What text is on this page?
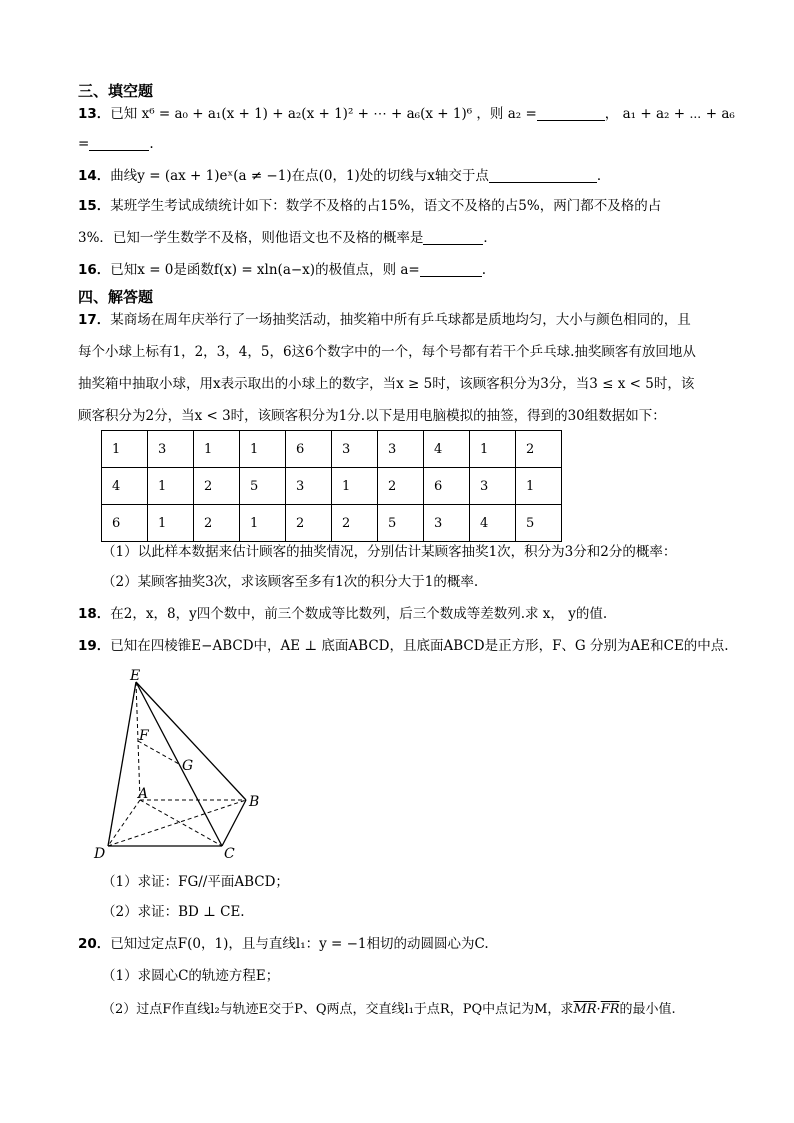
三、填空题
13．已知 x⁶ = a₀ + a₁(x + 1) + a₂(x + 1)² + ⋯ + a₆(x + 1)⁶ ，则 a₂ =	， a₁ + a₂ + ⋯ + a₆
=	.
14．曲线y = (ax + 1)eˣ(a ≠ −1)在点(0，1)处的切线与x轴交于点	．
15．某班学生考试成绩统计如下：数学不及格的占15%，语文不及格的占5%，两门都不及格的占
3%．已知一学生数学不及格，则他语文也不及格的概率是	．
16．已知x = 0是函数f(x) = xln(a−x)的极值点，则 a=	.
四、解答题
17．某商场在周年庆举行了一场抽奖活动，抽奖箱中所有乒乓球都是质地均匀，大小与颜色相同的，且
每个小球上标有1，2，3，4，5，6这6个数字中的一个，每个号都有若干个乒乓球.抽奖顾客有放回地从
抽奖箱中抽取小球，用x表示取出的小球上的数字，当x ≥ 5时，该顾客积分为3分，当3 ≤ x < 5时，该
顾客积分为2分，当x < 3时，该顾客积分为1分.以下是用电脑模拟的抽签，得到的30组数据如下：
1	3	1	1	6	3	3	4	1	2
4	1	2	5	3	1	2	6	3	1
6	1	2	1	2	2	5	3	4	5
（1）以此样本数据来估计顾客的抽奖情况，分别估计某顾客抽奖1次，积分为3分和2分的概率：
（2）某顾客抽奖3次，求该顾客至多有1次的积分大于1的概率.
18．在2，x，8，y四个数中，前三个数成等比数列，后三个数成等差数列.求 x， y的值.
19．已知在四棱锥E−ABCD中，AE ⊥ 底面ABCD，且底面ABCD是正方形，F、G 分别为AE和CE的中点.
E
F
G
A	B
C
D
（1）求证：FG//平面ABCD；
（2）求证：BD ⊥ CE.
20．已知过定点F(0，1)，且与直线l₁：y = −1相切的动圆圆心为C.
（1）求圆心C的轨迹方程E；
（2）过点F作直线l₂与轨迹E交于P、Q两点，交直线l₁于点R，PQ中点记为M，求$\overline{MR}\cdot\overline{FR}$的最小值.
